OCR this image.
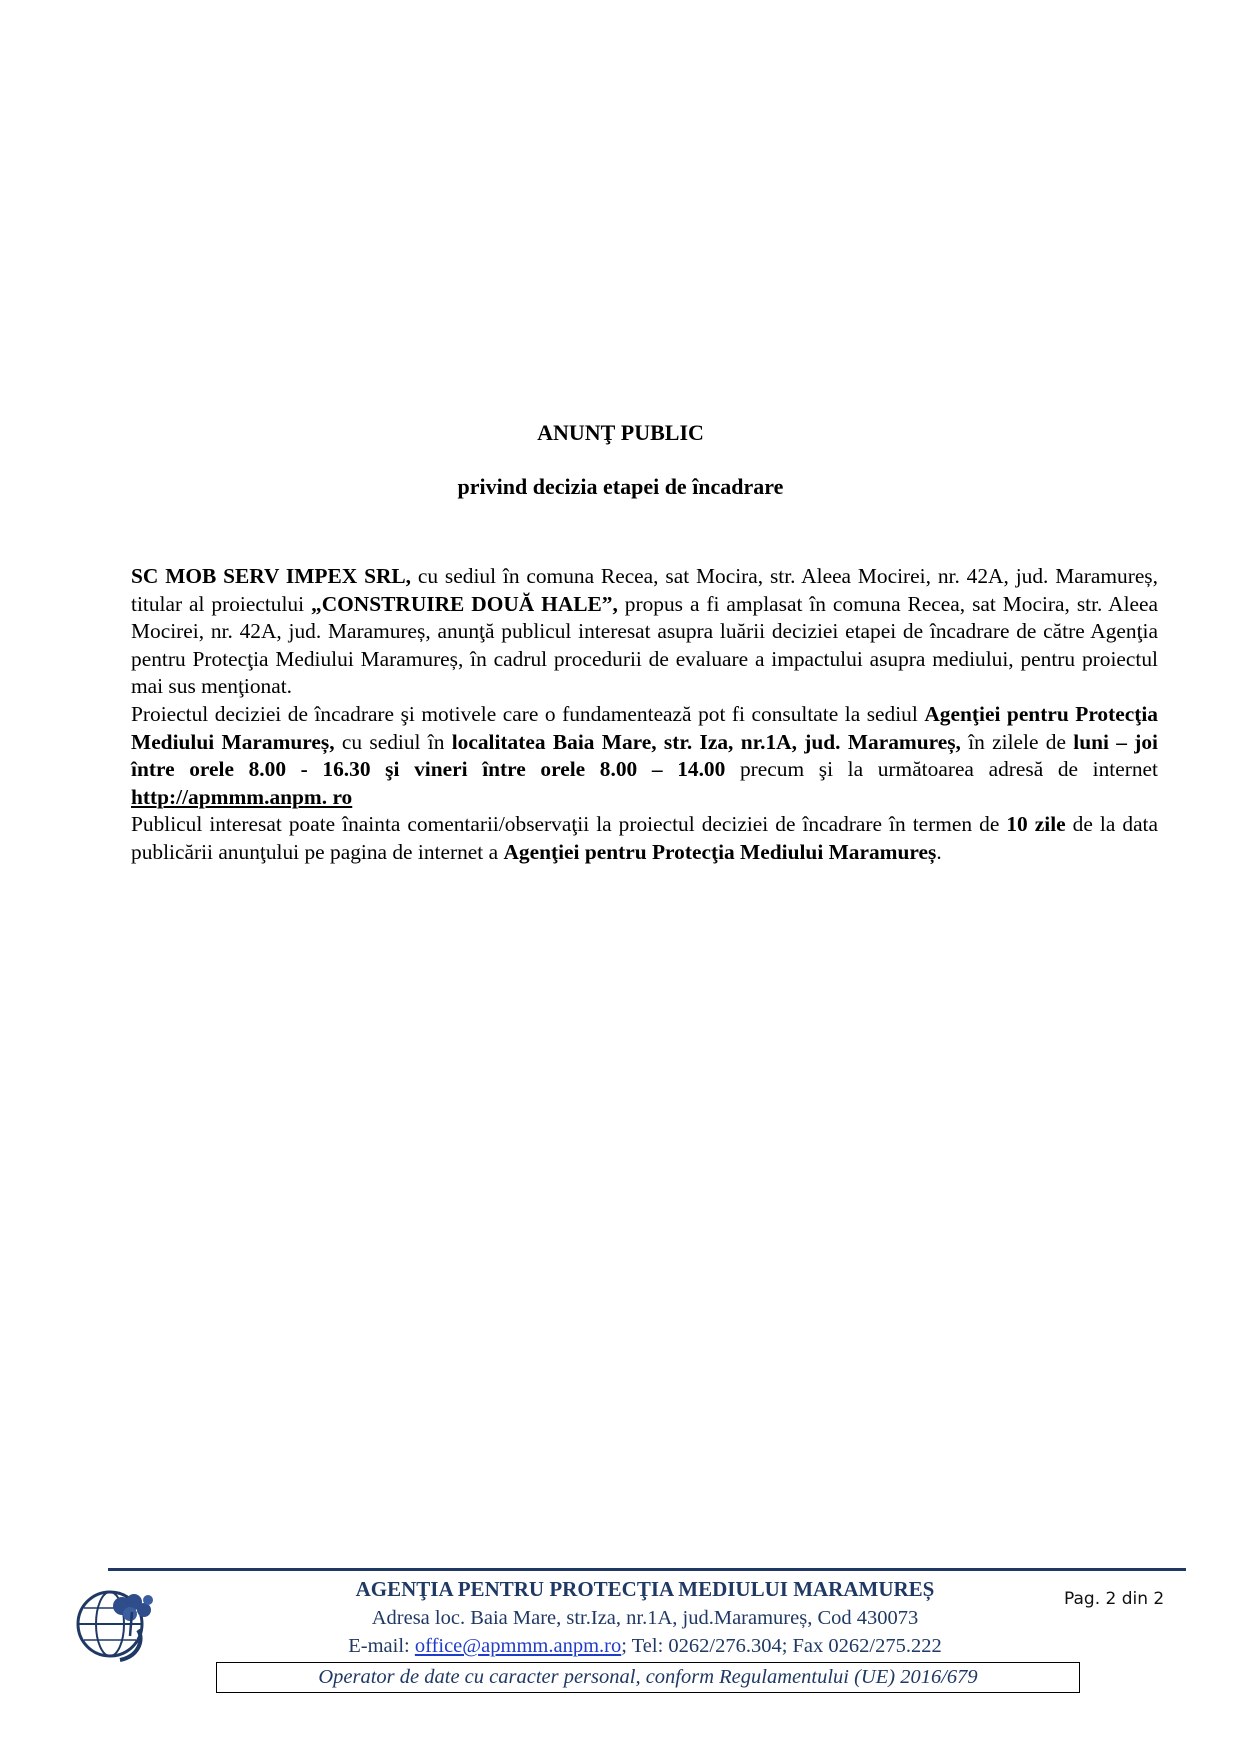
ANUNŢ PUBLIC
privind decizia etapei de încadrare

SC MOB SERV IMPEX SRL, cu sediul în comuna Recea, sat Mocira, str. Aleea Mocirei, nr. 42A, jud. Maramureș, titular al proiectului „CONSTRUIRE DOUĂ HALE”, propus a fi amplasat în comuna Recea, sat Mocira, str. Aleea Mocirei, nr. 42A, jud. Maramureș, anunţă publicul interesat asupra luării deciziei etapei de încadrare de către Agenţia pentru Protecţia Mediului Maramureș, în cadrul procedurii de evaluare a impactului asupra mediului, pentru proiectul mai sus menţionat.

Proiectul deciziei de încadrare şi motivele care o fundamentează pot fi consultate la sediul Agenţiei pentru Protecţia Mediului Maramureș, cu sediul în localitatea Baia Mare, str. Iza, nr.1A, jud. Maramureș, în zilele de luni – joi între orele 8.00 - 16.30 şi vineri între orele 8.00 – 14.00 precum şi la următoarea adresă de internet http://apmmm.anpm. ro

Publicul interesat poate înainta comentarii/observaţii la proiectul deciziei de încadrare în termen de 10 zile de la data publicării anunţului pe pagina de internet a Agenţiei pentru Protecţia Mediului Maramureș.

AGENŢIA PENTRU PROTECŢIA MEDIULUI MARAMUREȘ
Adresa loc. Baia Mare, str.Iza, nr.1A, jud.Maramureș, Cod 430073
E-mail: office@apmmm.anpm.ro; Tel: 0262/276.304; Fax 0262/275.222
Pag. 2 din 2
Operator de date cu caracter personal, conform Regulamentului (UE) 2016/679
